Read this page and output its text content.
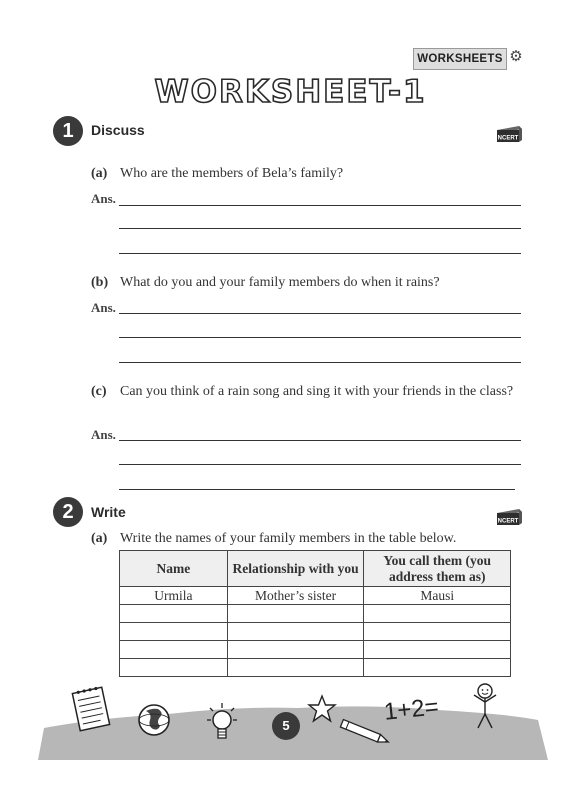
WORKSHEETS ⚙
WORKSHEET-1
1	Discuss
NCERT
(a) Who are the members of Bela’s family?
Ans.
(b) What do you and your family members do when it rains?
Ans.
(c) Can you think of a rain song and sing it with your friends in the class?
Ans.
2	Write
NCERT
(a) Write the names of your family members in the table below.
Name	Relationship with you	You call them (you address them as)
Urmila	Mother’s sister	Mausi

5	1+2=
